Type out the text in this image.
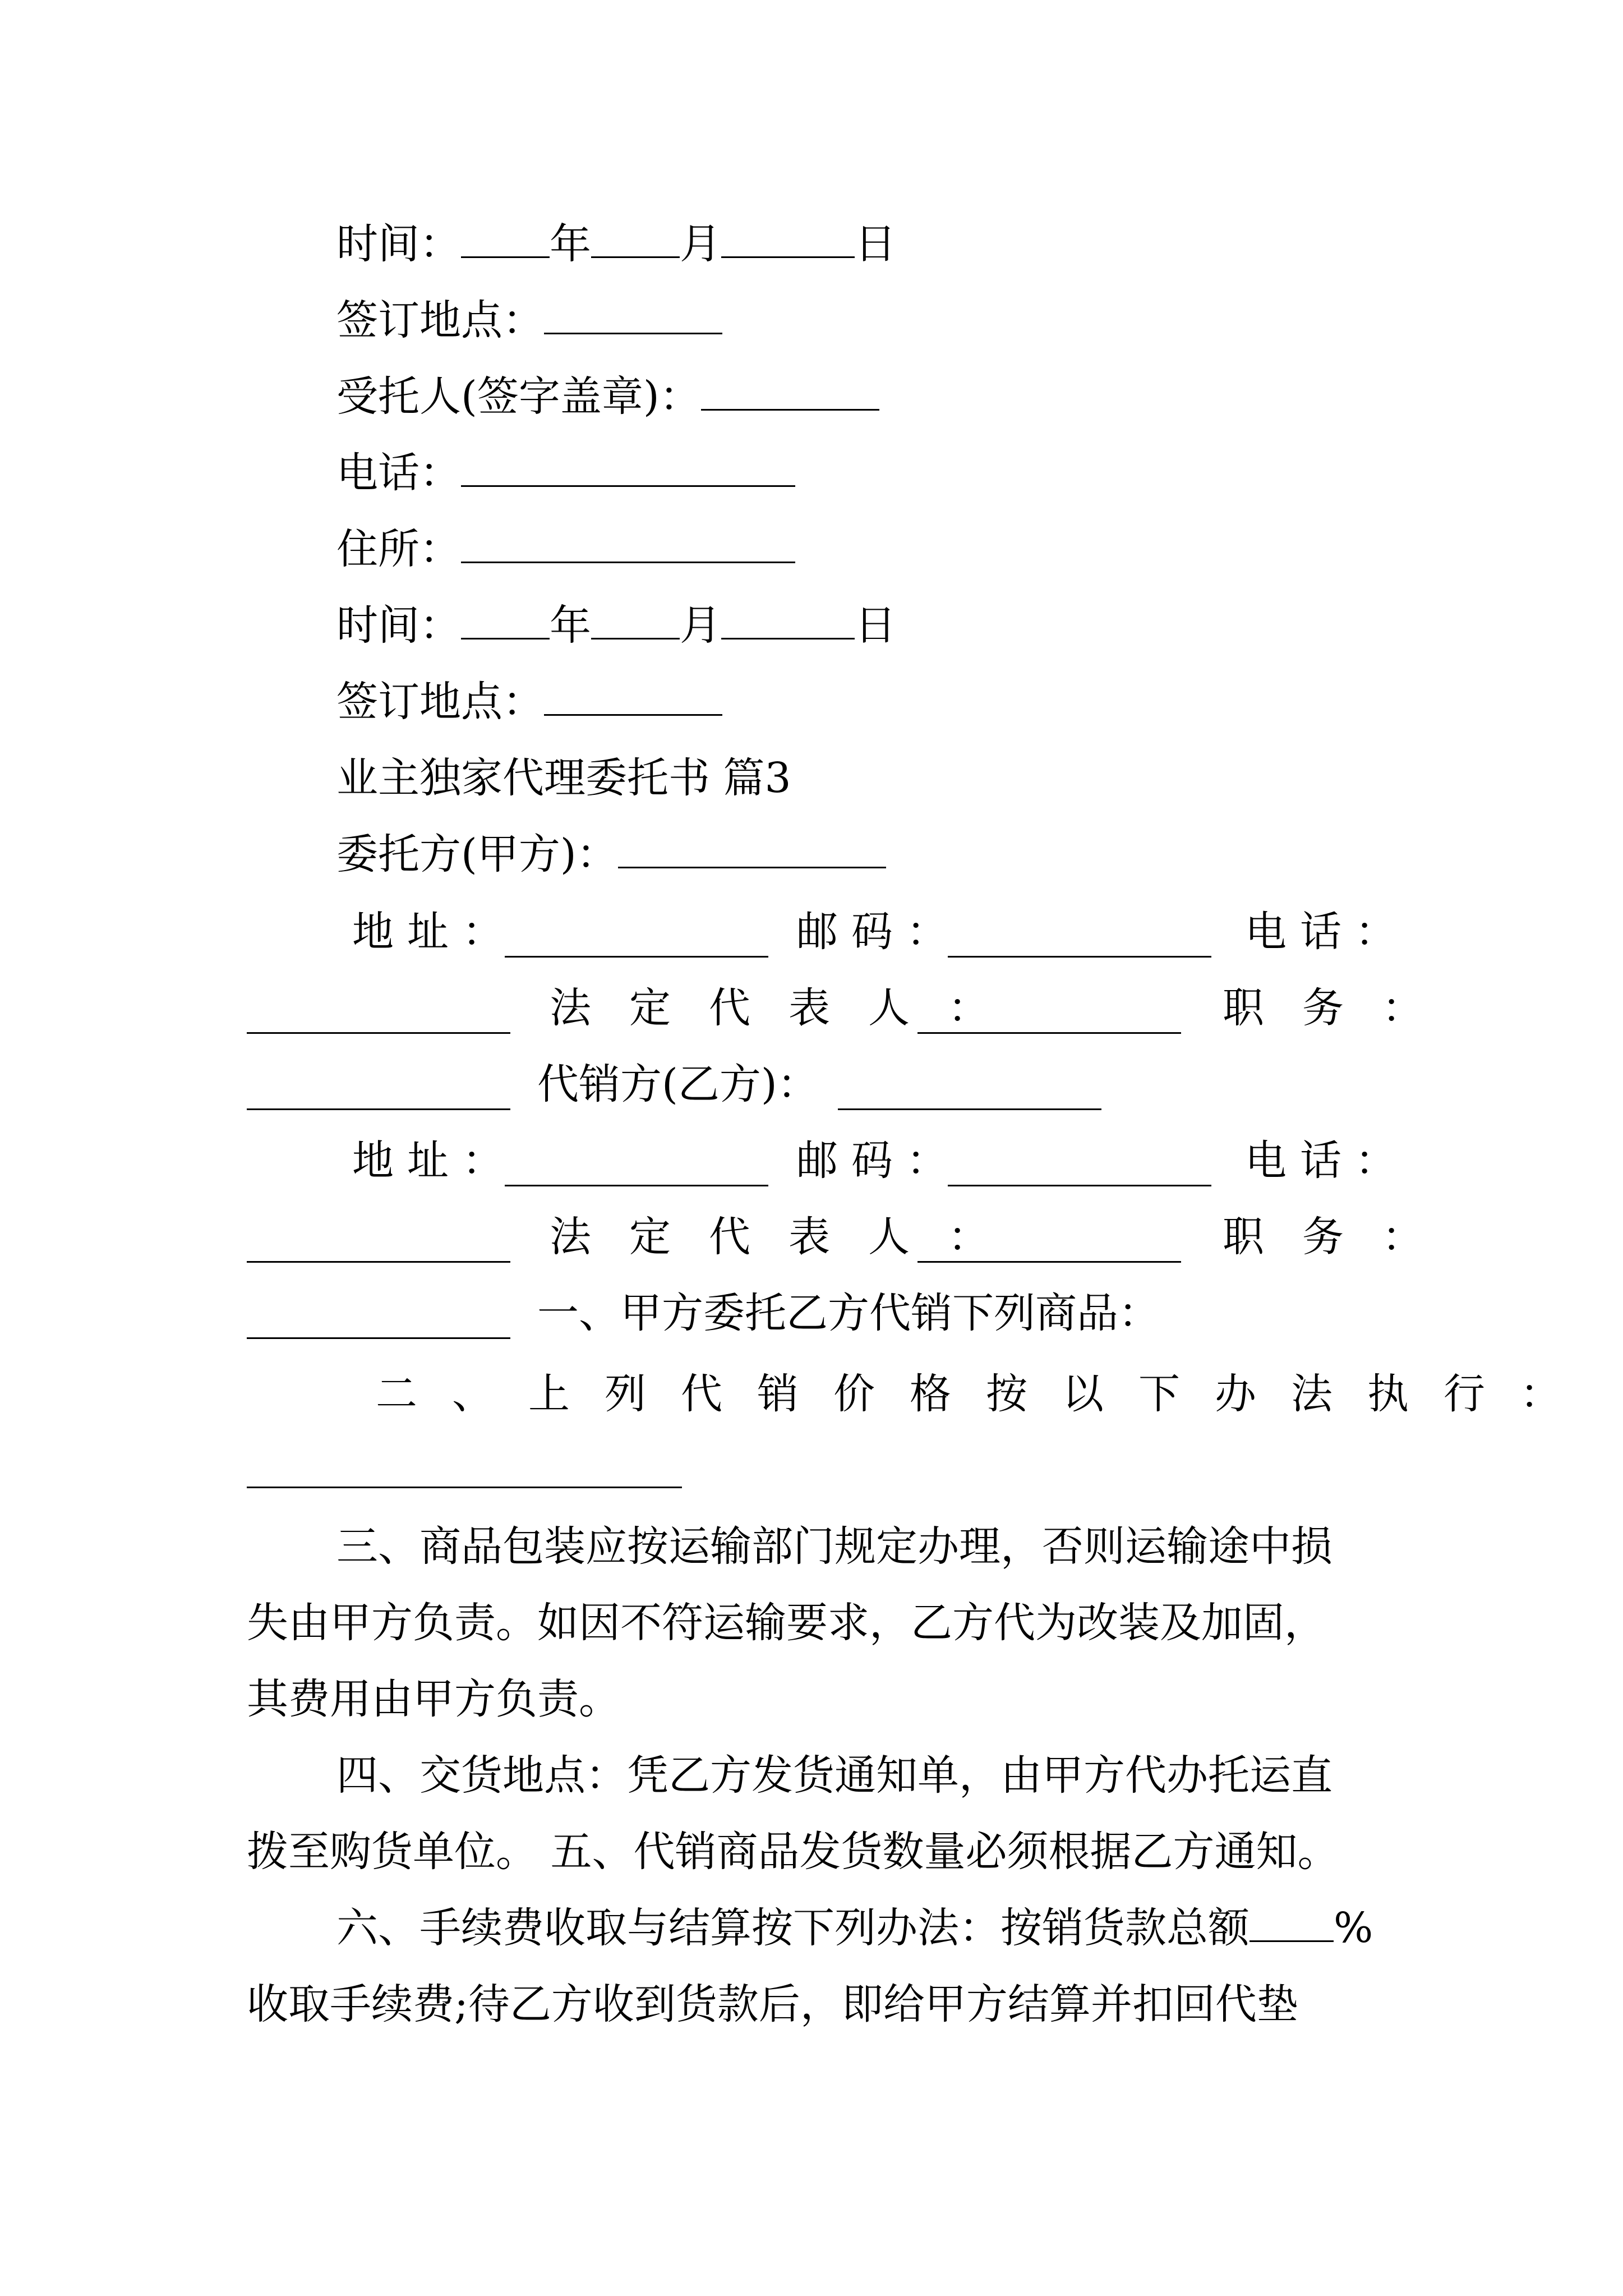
时间： 年 月	日
签订地点：
受托人(签字盖章)：
电话：
住所：
时间： 年 月	日
签订地点：
业主独家代理委托书 篇3
委托方(甲方)：
地址：	邮码：	电话：
法定代表人：	职务：
代销方(乙方)：
地址：	邮码：	电话：
法定代表人：	职务：
一、甲方委托乙方代销下列商品：
二、上列代销价格按以下办法执行：
三、商品包装应按运输部门规定办理，否则运输途中损
失由甲方负责。如因不符运输要求，乙方代为改装及加固，
其费用由甲方负责。
四、交货地点：凭乙方发货通知单，由甲方代办托运直
拨至购货单位。 五、代销商品发货数量必须根据乙方通知。
六、手续费收取与结算按下列办法：按销货款总额 %
收取手续费;待乙方收到货款后，即给甲方结算并扣回代垫
